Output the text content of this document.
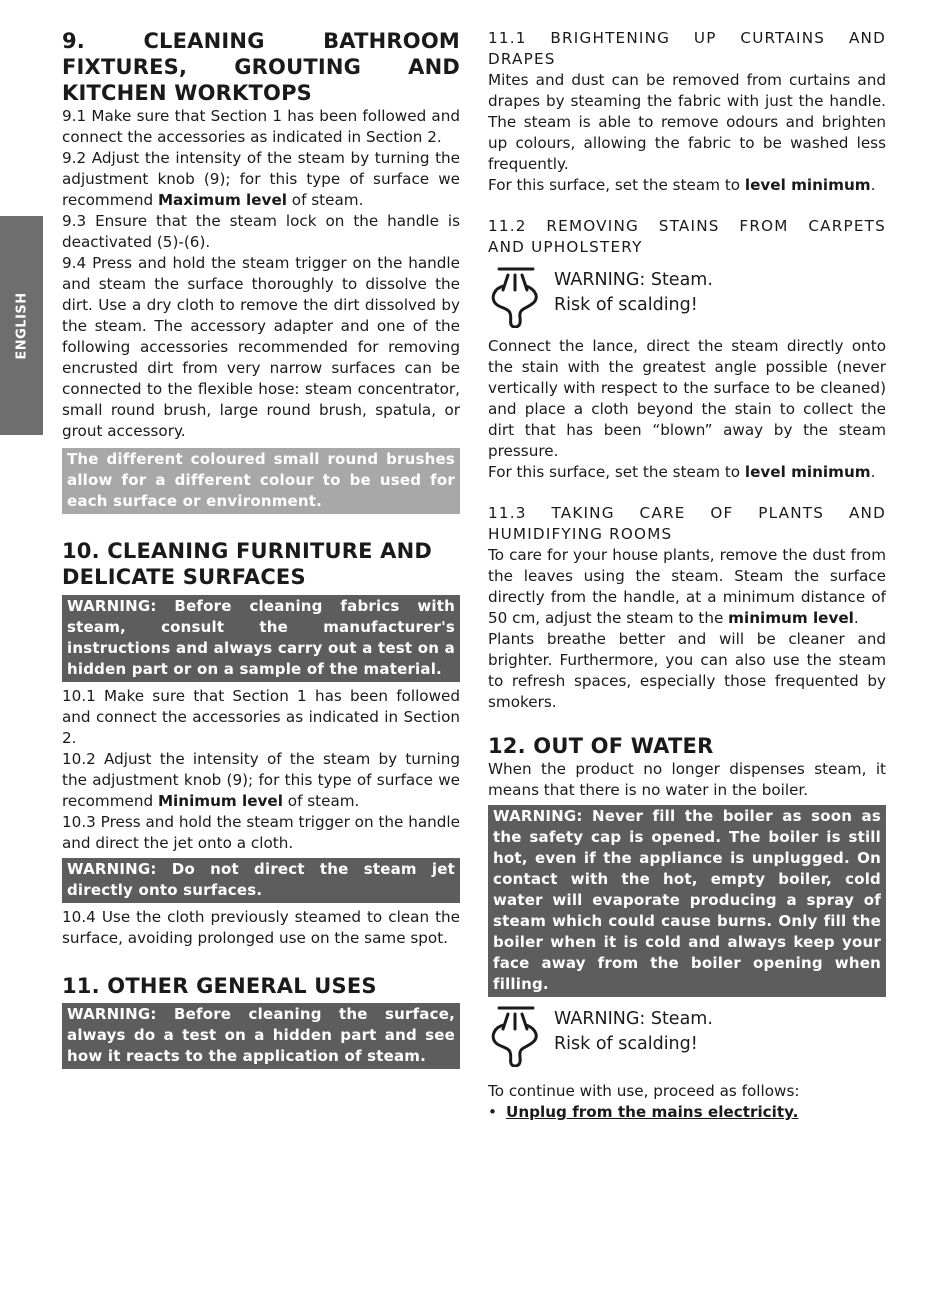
ENGLISH
9. CLEANING BATHROOM
FIXTURES, GROUTING AND
KITCHEN WORKTOPS

9.1 Make sure that Section 1 has been followed and connect the accessories as indicated in Section 2.

9.2 Adjust the intensity of the steam by turning the adjustment knob (9); for this type of surface we recommend Maximum level of steam.

9.3 Ensure that the steam lock on the handle is deactivated (5)-(6).

9.4 Press and hold the steam trigger on the handle and steam the surface thoroughly to dissolve the dirt. Use a dry cloth to remove the dirt dissolved by the steam. The accessory adapter and one of the following accessories recommended for removing encrusted dirt from very narrow surfaces can be connected to the flexible hose: steam concentrator, small round brush, large round brush, spatula, or grout accessory.

The different coloured small round brushes allow for a different colour to be used for each surface or environment.
10. CLEANING FURNITURE AND
DELICATE SURFACES
WARNING: Before cleaning fabrics with steam, consult the manufacturer's instructions and always carry out a test on a hidden part or on a sample of the material.

10.1 Make sure that Section 1 has been followed and connect the accessories as indicated in Section 2.

10.2 Adjust the intensity of the steam by turning the adjustment knob (9); for this type of surface we recommend Minimum level of steam.

10.3 Press and hold the steam trigger on the handle and direct the jet onto a cloth.

WARNING: Do not direct the steam jet directly onto surfaces.

10.4 Use the cloth previously steamed to clean the surface, avoiding prolonged use on the same spot.

11. OTHER GENERAL USES
WARNING: Before cleaning the surface, always do a test on a hidden part and see how it reacts to the application of steam.
11.1 BRIGHTENING UP CURTAINS AND
DRAPES

Mites and dust can be removed from curtains and drapes by steaming the fabric with just the handle. The steam is able to remove odours and brighten up colours, allowing the fabric to be washed less frequently.

For this surface, set the steam to level minimum.

11.2 REMOVING STAINS FROM CARPETS
AND UPHOLSTERY
WARNING: Steam.
Risk of scalding!

Connect the lance, direct the steam directly onto the stain with the greatest angle possible (never vertically with respect to the surface to be cleaned) and place a cloth beyond the stain to collect the dirt that has been “blown” away by the steam pressure.

For this surface, set the steam to level minimum.

11.3 TAKING CARE OF PLANTS AND
HUMIDIFYING ROOMS

To care for your house plants, remove the dust from the leaves using the steam. Steam the surface directly from the handle, at a minimum distance of 50 cm, adjust the steam to the minimum level.

Plants breathe better and will be cleaner and brighter. Furthermore, you can also use the steam to refresh spaces, especially those frequented by smokers.

12. OUT OF WATER

When the product no longer dispenses steam, it means that there is no water in the boiler.

WARNING: Never fill the boiler as soon as the safety cap is opened. The boiler is still hot, even if the appliance is unplugged. On contact with the hot, empty boiler, cold water will evaporate producing a spray of steam which could cause burns. Only fill the boiler when it is cold and always keep your face away from the boiler opening when filling.
WARNING: Steam.
Risk of scalding!

To continue with use, proceed as follows:

• Unplug from the mains electricity.
